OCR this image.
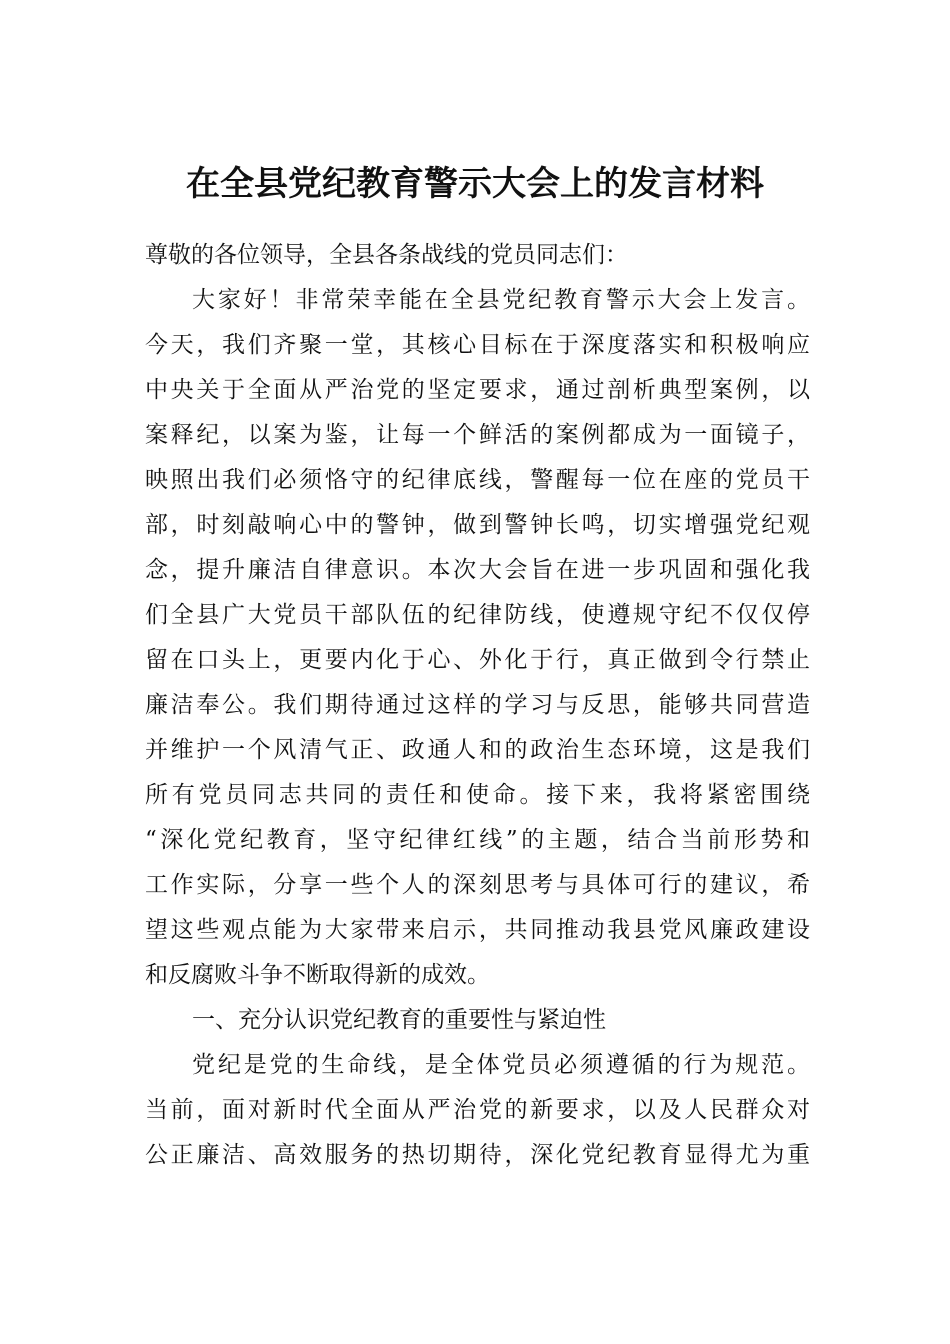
在全县党纪教育警示大会上的发言材料
尊敬的各位领导，全县各条战线的党员同志们：
大家好！非常荣幸能在全县党纪教育警示大会上发言。
今天，我们齐聚一堂，其核心目标在于深度落实和积极响应
中央关于全面从严治党的坚定要求，通过剖析典型案例，以
案释纪，以案为鉴，让每一个鲜活的案例都成为一面镜子，
映照出我们必须恪守的纪律底线，警醒每一位在座的党员干
部，时刻敲响心中的警钟，做到警钟长鸣，切实增强党纪观
念，提升廉洁自律意识。本次大会旨在进一步巩固和强化我
们全县广大党员干部队伍的纪律防线，使遵规守纪不仅仅停
留在口头上，更要内化于心、外化于行，真正做到令行禁止
廉洁奉公。我们期待通过这样的学习与反思，能够共同营造
并维护一个风清气正、政通人和的政治生态环境，这是我们
所有党员同志共同的责任和使命。接下来，我将紧密围绕
“深化党纪教育，坚守纪律红线”的主题，结合当前形势和
工作实际，分享一些个人的深刻思考与具体可行的建议，希
望这些观点能为大家带来启示，共同推动我县党风廉政建设
和反腐败斗争不断取得新的成效。
一、充分认识党纪教育的重要性与紧迫性
党纪是党的生命线，是全体党员必须遵循的行为规范。
当前，面对新时代全面从严治党的新要求，以及人民群众对
公正廉洁、高效服务的热切期待，深化党纪教育显得尤为重
